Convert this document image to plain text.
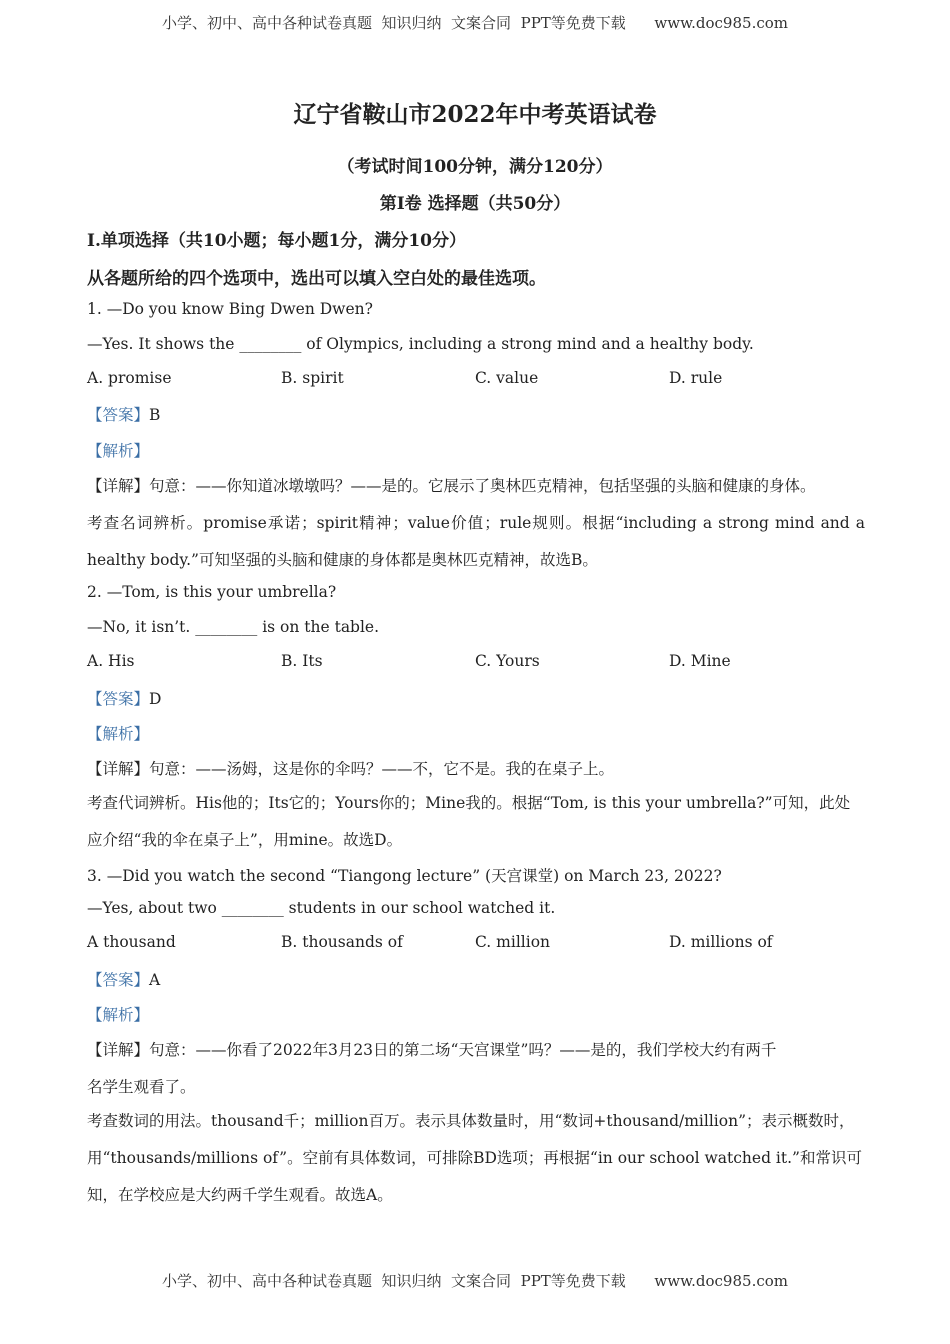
小学、初中、高中各种试卷真题  知识归纳  文案合同  PPT等免费下载      www.doc985.com
辽宁省鞍山市2022年中考英语试卷
（考试时间100分钟，满分120分）
第I卷 选择题（共50分）
I.单项选择（共10小题；每小题1分，满分10分）
从各题所给的四个选项中，选出可以填入空白处的最佳选项。
1. —Do you know Bing Dwen Dwen?
—Yes. It shows the ________ of Olympics, including a strong mind and a healthy body.
A. promise	B. spirit	C. value	D. rule
【答案】B
【解析】
【详解】句意：——你知道冰墩墩吗？——是的。它展示了奥林匹克精神，包括坚强的头脑和健康的身体。
考查名词辨析。promise承诺；spirit精神；value价值；rule规则。根据“including a strong mind and a
healthy body.”可知坚强的头脑和健康的身体都是奥林匹克精神，故选B。
2. —Tom, is this your umbrella?
—No, it isn’t. ________ is on the table.
A. His	B. Its	C. Yours	D. Mine
【答案】D
【解析】
【详解】句意：——汤姆，这是你的伞吗？——不，它不是。我的在桌子上。
考查代词辨析。His他的；Its它的；Yours你的；Mine我的。根据“Tom, is this your umbrella?”可知，此处
应介绍“我的伞在桌子上”，用mine。故选D。
3. —Did you watch the second “Tiangong lecture” (天宫课堂) on March 23, 2022?
—Yes, about two ________ students in our school watched it.
A thousand	B. thousands of	C. million	D. millions of
【答案】A
【解析】
【详解】句意：——你看了2022年3月23日的第二场“天宫课堂”吗？——是的，我们学校大约有两千
名学生观看了。
考查数词的用法。thousand千；million百万。表示具体数量时，用“数词+thousand/million”；表示概数时，
用“thousands/millions of”。空前有具体数词，可排除BD选项；再根据“in our school watched it.”和常识可
知，在学校应是大约两千学生观看。故选A。
小学、初中、高中各种试卷真题  知识归纳  文案合同  PPT等免费下载      www.doc985.com
